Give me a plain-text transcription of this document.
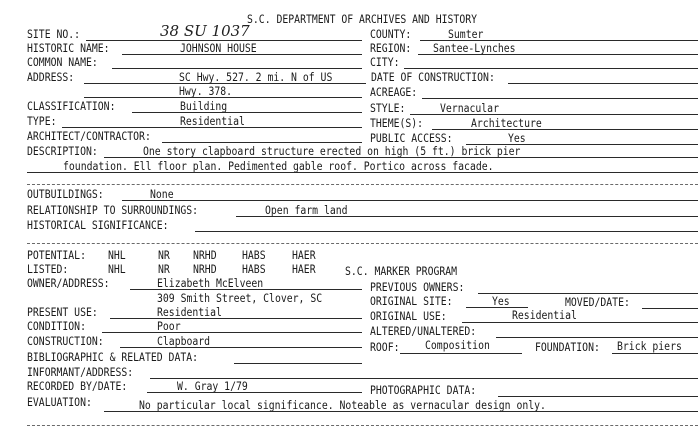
S.C. DEPARTMENT OF ARCHIVES AND HISTORY
SITE NO.:	38 SU 1037	COUNTY:	Sumter
HISTORIC NAME:	JOHNSON HOUSE	REGION: Santee-Lynches
COMMON NAME:	CITY:
ADDRESS:	SC Hwy. 527. 2 mi. N of US	DATE OF CONSTRUCTION:
Hwy. 378.	ACREAGE:
CLASSIFICATION:	Building	STYLE:	Vernacular
TYPE:	Residential	THEME(S):	Architecture
ARCHITECT/CONTRACTOR:	PUBLIC ACCESS:	Yes
DESCRIPTION:	One story clapboard structure erected on high (5 ft.) brick pier
foundation. Ell floor plan. Pedimented gable roof. Portico across facade.
OUTBUILDINGS:	None
RELATIONSHIP TO SURROUNDINGS:	Open farm land
HISTORICAL SIGNIFICANCE:
POTENTIAL: NHL	NR NRHD HABS HAER
LISTED:	NHL	NR NRHD HABS HAER	S.C. MARKER PROGRAM
OWNER/ADDRESS:	Elizabeth McElveen	PREVIOUS OWNERS:
309 Smith Street, Clover, SC	ORIGINAL SITE:	Yes	MOVED/DATE:
PRESENT USE:	Residential	ORIGINAL USE:	Residential
CONDITION:	Poor	ALTERED/UNALTERED:
CONSTRUCTION:	Clapboard	ROOF: Composition	FOUNDATION: Brick piers
BIBLIOGRAPHIC & RELATED DATA:
INFORMANT/ADDRESS:
RECORDED BY/DATE:	W. Gray 1/79	PHOTOGRAPHIC DATA:
EVALUATION:	No particular local significance. Noteable as vernacular design only.
